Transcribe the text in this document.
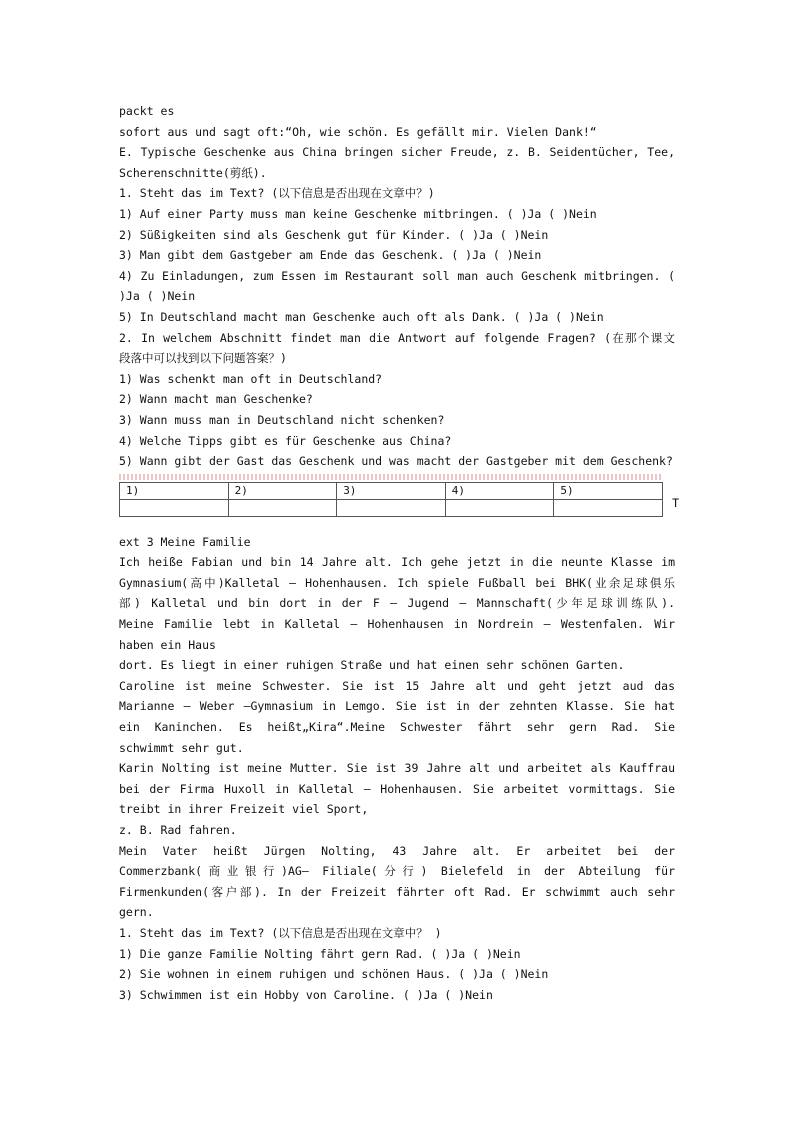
packt es
sofort aus und sagt oft:“Oh, wie schön. Es gefällt mir. Vielen Dank!“
E. Typische Geschenke aus China bringen sicher Freude, z. B. Seidentücher, Tee,
Scherenschnitte(剪纸).
1. Steht das im Text? (以下信息是否出现在文章中？)
1) Auf einer Party muss man keine Geschenke mitbringen. ( )Ja ( )Nein
2) Süßigkeiten sind als Geschenk gut für Kinder. ( )Ja ( )Nein
3) Man gibt dem Gastgeber am Ende das Geschenk. ( )Ja ( )Nein
4) Zu Einladungen, zum Essen im Restaurant soll man auch Geschenk mitbringen. (
)Ja ( )Nein
5) In Deutschland macht man Geschenke auch oft als Dank. ( )Ja ( )Nein
2. In welchem Abschnitt findet man die Antwort auf folgende Fragen? (在那个课文
段落中可以找到以下问题答案？)
1) Was schenkt man oft in Deutschland?
2) Wann macht man Geschenke?
3) Wann muss man in Deutschland nicht schenken?
4) Welche Tipps gibt es für Geschenke aus China?
5) Wann gibt der Gast das Geschenk und was macht der Gastgeber mit dem Geschenk?
1)	2)	3)	4)	5)

T
ext 3 Meine Familie
Ich heiße Fabian und bin 14 Jahre alt. Ich gehe jetzt in die neunte Klasse im
Gymnasium(高中)Kalletal – Hohenhausen. Ich spiele Fußball bei BHK(业余足球俱乐
部) Kalletal und bin dort in der F – Jugend – Mannschaft(少年足球训练队).
Meine Familie lebt in Kalletal – Hohenhausen in Nordrein – Westenfalen. Wir
haben ein Haus
dort. Es liegt in einer ruhigen Straße und hat einen sehr schönen Garten.
Caroline ist meine Schwester. Sie ist 15 Jahre alt und geht jetzt aud das
Marianne – Weber –Gymnasium in Lemgo. Sie ist in der zehnten Klasse. Sie hat
ein Kaninchen. Es heißt„Kira“.Meine Schwester fährt sehr gern Rad. Sie
schwimmt sehr gut.
Karin Nolting ist meine Mutter. Sie ist 39 Jahre alt und arbeitet als Kauffrau
bei der Firma Huxoll in Kalletal – Hohenhausen. Sie arbeitet vormittags. Sie
treibt in ihrer Freizeit viel Sport,
z. B. Rad fahren.
Mein Vater heißt Jürgen Nolting, 43 Jahre alt. Er arbeitet bei der
Commerzbank(商业银行)AG– Filiale(分行) Bielefeld in der Abteilung für
Firmenkunden(客户部). In der Freizeit fährter oft Rad. Er schwimmt auch sehr
gern.
1. Steht das im Text? (以下信息是否出现在文章中？ )
1) Die ganze Familie Nolting fährt gern Rad. ( )Ja ( )Nein
2) Sie wohnen in einem ruhigen und schönen Haus. ( )Ja ( )Nein
3) Schwimmen ist ein Hobby von Caroline. ( )Ja ( )Nein
